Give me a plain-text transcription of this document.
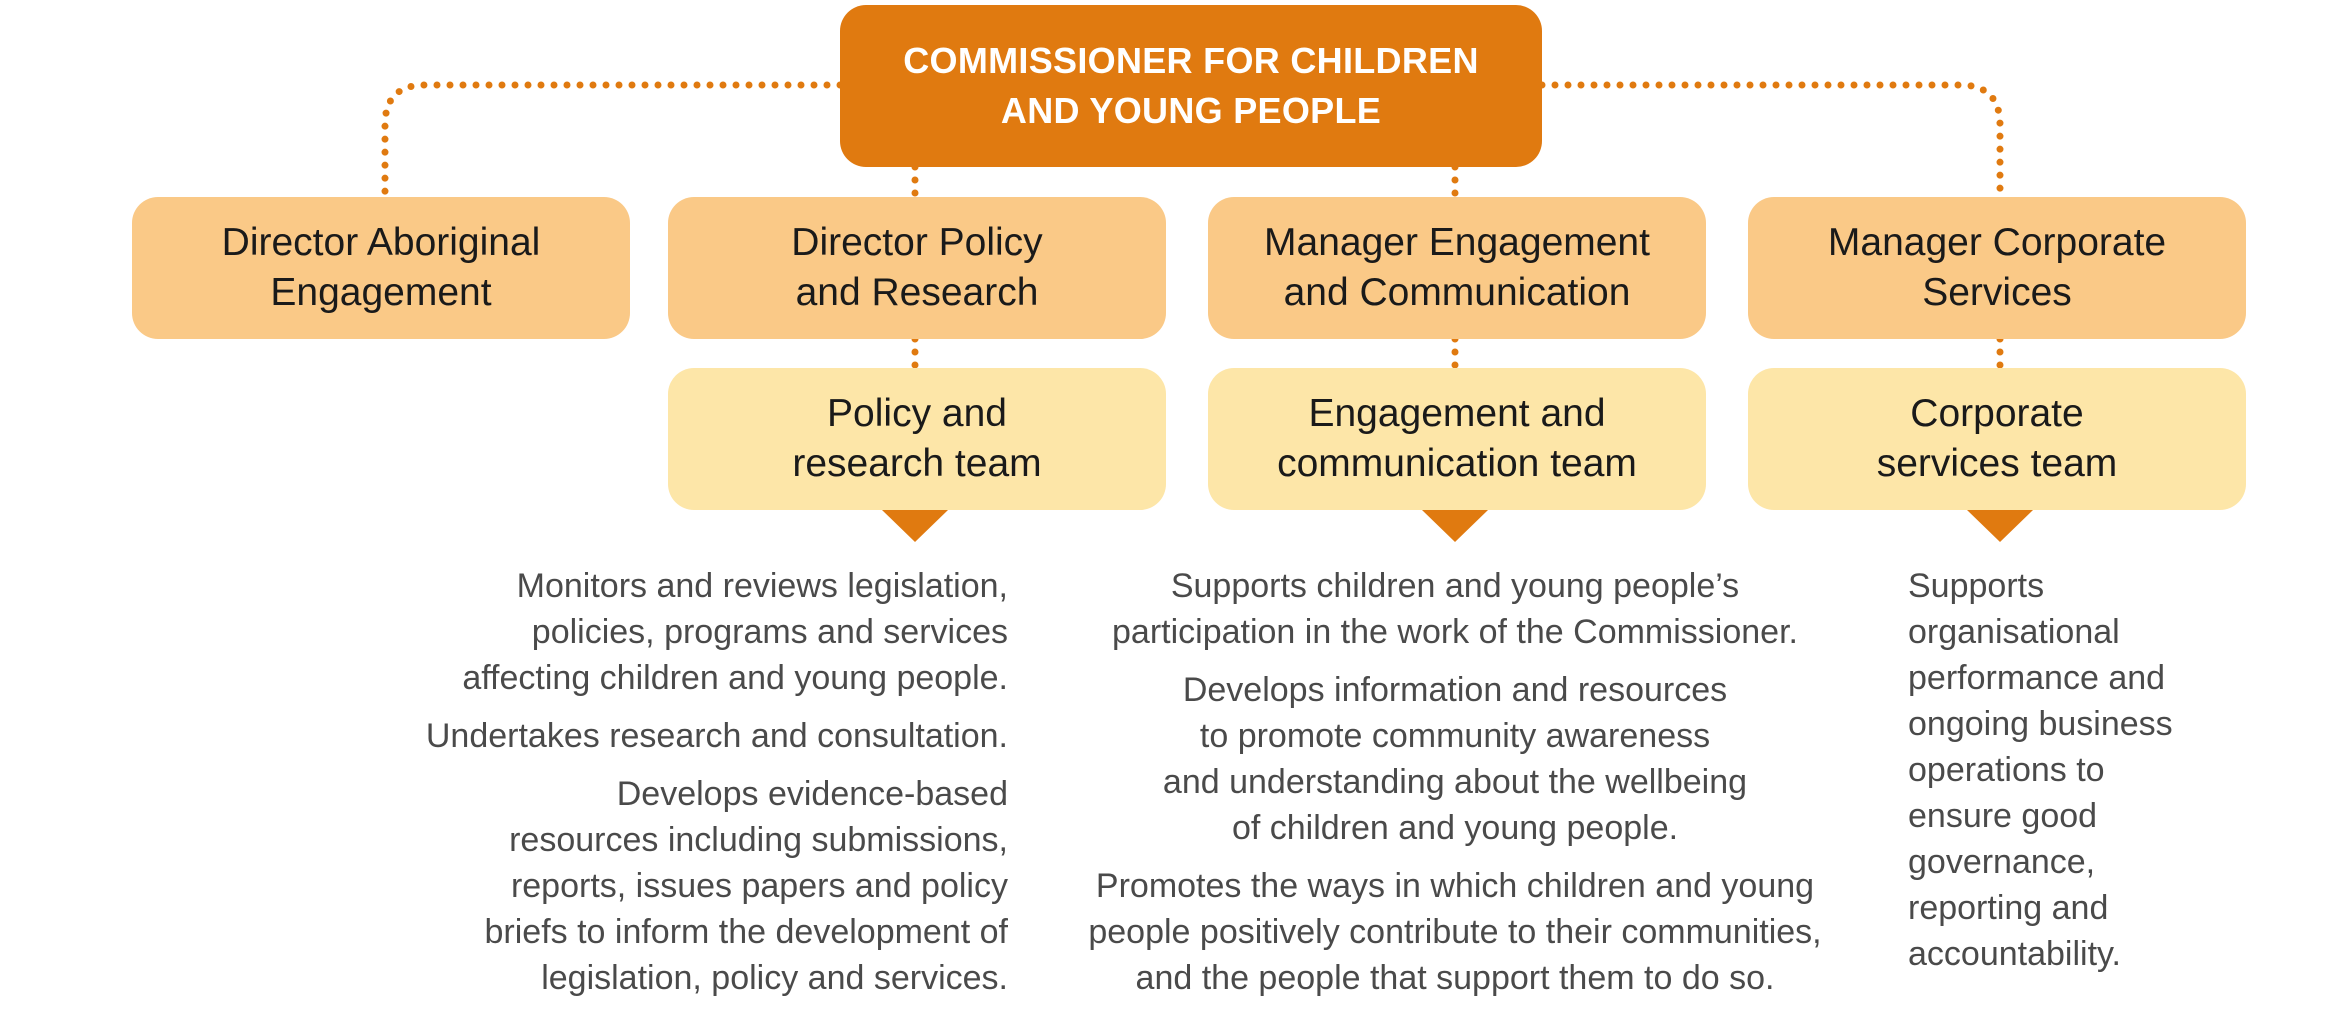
COMMISSIONER FOR CHILDREN
AND YOUNG PEOPLE
Director Aboriginal
Engagement
Director Policy
and Research
Manager Engagement
and Communication
Manager Corporate
Services
Policy and
research team
Engagement and
communication team
Corporate
services team

Monitors and reviews legislation,
policies, programs and services
affecting children and young people.

Undertakes research and consultation.

Develops evidence-based
resources including submissions,
reports, issues papers and policy
briefs to inform the development of
legislation, policy and services.

Supports children and young people’s
participation in the work of the Commissioner.

Develops information and resources
to promote community awareness
and understanding about the wellbeing
of children and young people.

Promotes the ways in which children and young
people positively contribute to their communities,
and the people that support them to do so.

Supports
organisational
performance and
ongoing business
operations to
ensure good
governance,
reporting and
accountability.
